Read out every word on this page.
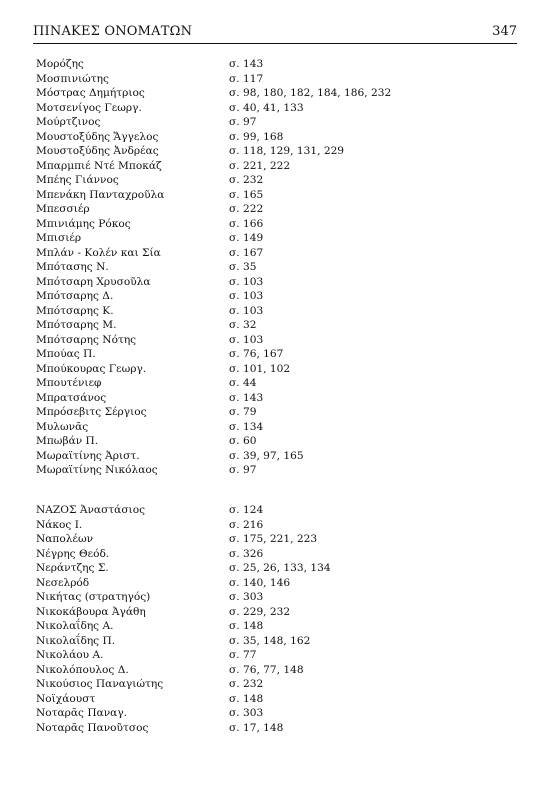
ΠΙΝΑΚΕΣ ΟΝΟΜΑΤΩΝ	347
Μορόζης	σ. 143
Μοσπινιώτης	σ. 117
Μόστρας Δημήτριος	σ. 98, 180, 182, 184, 186, 232
Μοτσενίγος Γεωργ.	σ. 40, 41, 133
Μούρτζινος	σ. 97
Μουστοξύδης Ἄγγελος	σ. 99, 168
Μουστοξύδης Ἀνδρέας	σ. 118, 129, 131, 229
Μπαρμπιέ Ντέ Μποκάζ	σ. 221, 222
Μπέης Γιάννος	σ. 232
Μπενάκη Πανταχροῦλα	σ. 165
Μπεσσιέρ	σ. 222
Μπινιάμης Ρόκος	σ. 166
Μπισιέρ	σ. 149
Μπλάν - Κολέν και Σία	σ. 167
Μπότασης Ν.	σ. 35
Μπότσαρη Χρυσοῦλα	σ. 103
Μπότσαρης Δ.	σ. 103
Μπότσαρης Κ.	σ. 103
Μπότσαρης Μ.	σ. 32
Μπότσαρης Νότης	σ. 103
Μπούας Π.	σ. 76, 167
Μπούκουρας Γεωργ.	σ. 101, 102
Μπουτένιεφ	σ. 44
Μπρατσάνος	σ. 143
Μπρόσεβιτς Σέργιος	σ. 79
Μυλωνᾶς	σ. 134
Μπωβάν Π.	σ. 60
Μωραϊτίνης Ἀριστ.	σ. 39, 97, 165
Μωραϊτίνης Νικόλαος	σ. 97
ΝΑΖΟΣ Ἀναστάσιος	σ. 124
Νάκος Ι.	σ. 216
Ναπολέων	σ. 175, 221, 223
Νέγρης Θεόδ.	σ. 326
Νεράντζης Σ.	σ. 25, 26, 133, 134
Νεσελρόδ	σ. 140, 146
Νικήτας (στρατηγός)	σ. 303
Νικοκάβουρα Ἀγάθη	σ. 229, 232
Νικολαΐδης Α.	σ. 148
Νικολαΐδης Π.	σ. 35, 148, 162
Νικολάου Α.	σ. 77
Νικολόπουλος Δ.	σ. 76, 77, 148
Νικούσιος Παναγιώτης	σ. 232
Νοϊχάουστ	σ. 148
Νοταρᾶς Παναγ.	σ. 303
Νοταρᾶς Πανοῦτσος	σ. 17, 148
